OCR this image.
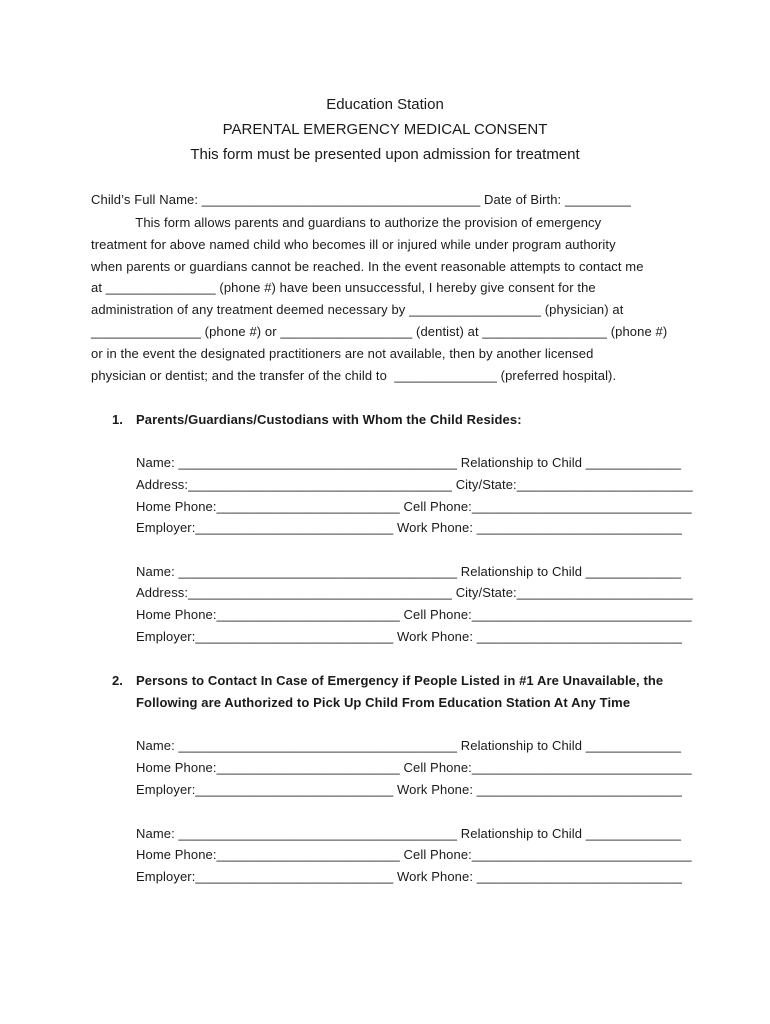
Education Station
PARENTAL EMERGENCY MEDICAL CONSENT
This form must be presented upon admission for treatment
Child’s Full Name: ______________________________________ Date of Birth: _________
This form allows parents and guardians to authorize the provision of emergency
treatment for above named child who becomes ill or injured while under program authority
when parents or guardians cannot be reached. In the event reasonable attempts to contact me
at _______________ (phone #) have been unsuccessful, I hereby give consent for the
administration of any treatment deemed necessary by __________________ (physician) at
_______________ (phone #) or __________________ (dentist) at _________________ (phone #)
or in the event the designated practitioners are not available, then by another licensed
physician or dentist; and the transfer of the child to  ______________ (preferred hospital).
1. Parents/Guardians/Custodians with Whom the Child Resides:
Name: ______________________________________ Relationship to Child _____________
Address:____________________________________ City/State:________________________
Home Phone:_________________________ Cell Phone:______________________________
Employer:___________________________ Work Phone: ____________________________
Name: ______________________________________ Relationship to Child _____________
Address:____________________________________ City/State:________________________
Home Phone:_________________________ Cell Phone:______________________________
Employer:___________________________ Work Phone: ____________________________
2. Persons to Contact In Case of Emergency if People Listed in #1 Are Unavailable, the
Following are Authorized to Pick Up Child From Education Station At Any Time
Name: ______________________________________ Relationship to Child _____________
Home Phone:_________________________ Cell Phone:______________________________
Employer:___________________________ Work Phone: ____________________________
Name: ______________________________________ Relationship to Child _____________
Home Phone:_________________________ Cell Phone:______________________________
Employer:___________________________ Work Phone: ____________________________
